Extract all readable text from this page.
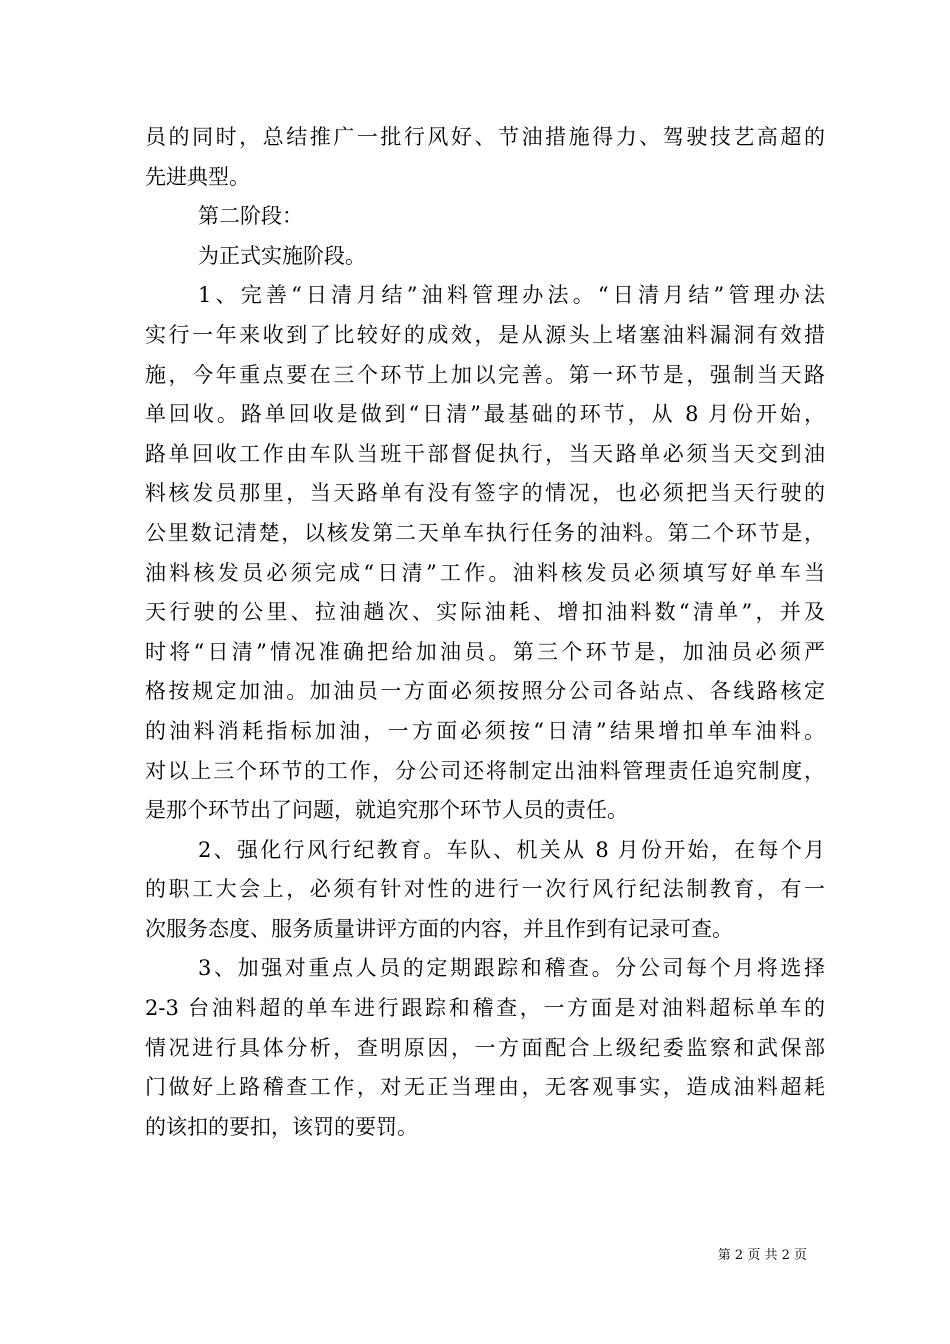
员的同时，总结推广一批行风好、节油措施得力、驾驶技艺高超的
先进典型。

第二阶段：

为正式实施阶段。

1、完善“日清月结”油料管理办法。“日清月结”管理办法
实行一年来收到了比较好的成效，是从源头上堵塞油料漏洞有效措
施，今年重点要在三个环节上加以完善。第一环节是，强制当天路
单回收。路单回收是做到“日清”最基础的环节，从 8 月份开始，
路单回收工作由车队当班干部督促执行，当天路单必须当天交到油
料核发员那里，当天路单有没有签字的情况，也必须把当天行驶的
公里数记清楚，以核发第二天单车执行任务的油料。第二个环节是，
油料核发员必须完成“日清”工作。油料核发员必须填写好单车当
天行驶的公里、拉油趟次、实际油耗、增扣油料数“清单”，并及
时将“日清”情况准确把给加油员。第三个环节是，加油员必须严
格按规定加油。加油员一方面必须按照分公司各站点、各线路核定
的油料消耗指标加油，一方面必须按“日清”结果增扣单车油料。
对以上三个环节的工作，分公司还将制定出油料管理责任追究制度，
是那个环节出了问题，就追究那个环节人员的责任。

2、强化行风行纪教育。车队、机关从 8 月份开始，在每个月
的职工大会上，必须有针对性的进行一次行风行纪法制教育，有一
次服务态度、服务质量讲评方面的内容，并且作到有记录可查。

3、加强对重点人员的定期跟踪和稽查。分公司每个月将选择
2-3 台油料超的单车进行跟踪和稽查，一方面是对油料超标单车的
情况进行具体分析，查明原因，一方面配合上级纪委监察和武保部
门做好上路稽查工作，对无正当理由，无客观事实，造成油料超耗
的该扣的要扣，该罚的要罚。

第 2 页 共 2 页
